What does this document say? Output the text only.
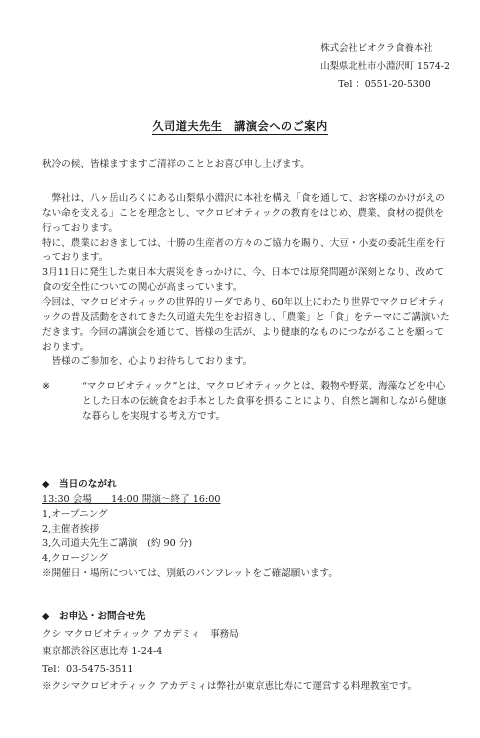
株式会社ビオクラ食養本社
山梨県北杜市小淵沢町 1574-2
Tel ：0551-20-5300
久司道夫先生　講演会へのご案内

秋冷の候、皆様ますますご清祥のこととお喜び申し上げます。

弊社は、八ヶ岳山ろくにある山梨県小淵沢に本社を構え「食を通して、お客様のかけがえのない命を支える」ことを理念とし、マクロビオティックの教育をはじめ、農業、食材の提供を行っております。

特に、農業におきましては、十勝の生産者の方々のご協力を賜り、大豆・小麦の委託生産を行っております。

3月11日に発生した東日本大震災をきっかけに、今、日本では原発問題が深刻となり、改めて食の安全性についての関心が高まっています。

今回は、マクロビオティックの世界的リーダであり、60年以上にわたり世界でマクロビオティックの普及活動をされてきた久司道夫先生をお招きし、「農業」と「食」をテーマにご講演いただきます。今回の講演会を通じて、皆様の生活が、より健康的なものにつながることを願っております。

皆様のご参加を、心よりお待ちしております。

※	“マクロビオティック”とは、マクロビオティックとは、穀物や野菜、海藻などを中心とした日本の伝統食をお手本とした食事を摂ることにより、自然と調和しながら健康な暮らしを実現する考え方です。
◆　当日のながれ
13:30 会場　　14:00 開演～終了 16:00
1,オープニング
2,主催者挨拶
3,久司道夫先生ご講演　(約 90 分)
4,クロージング
※開催日・場所については、別紙のパンフレットをご確認願います。
◆　お申込・お問合せ先
クシ マクロビオティック アカデミィ　事務局
東京都渋谷区恵比寿 1-24-4
Tel：03-5475-3511
※クシマクロビオティック アカデミィは弊社が東京恵比寿にて運営する料理教室です。
